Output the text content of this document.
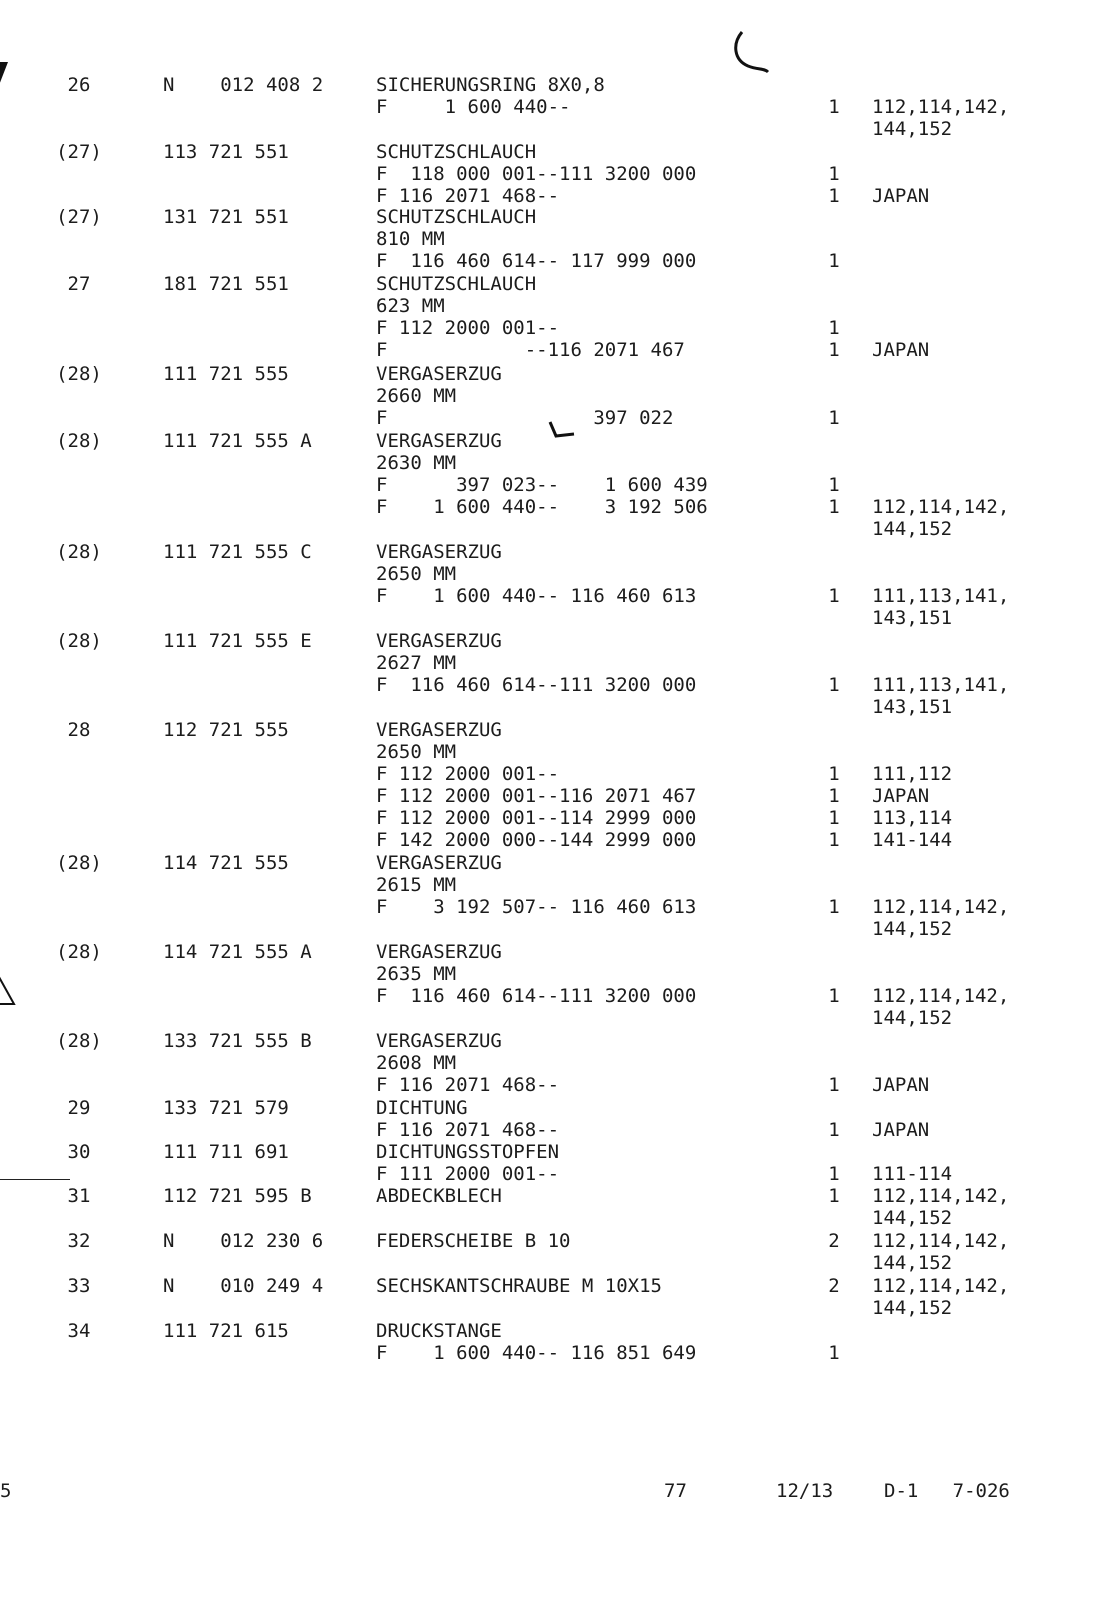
26	N    012 408 2	SICHERUNGSRING 8X0,8
F     1 600 440--	1	112,114,142,
144,152
(27)	113 721 551	SCHUTZSCHLAUCH
F  118 000 001--111 3200 000	1
F 116 2071 468--	1	JAPAN
(27)	131 721 551	SCHUTZSCHLAUCH
810 MM
F  116 460 614-- 117 999 000	1
27	181 721 551	SCHUTZSCHLAUCH
623 MM
F 112 2000 001--	1
F            --116 2071 467	1	JAPAN
(28)	111 721 555	VERGASERZUG
2660 MM
F                  397 022	1
(28)	111 721 555 A	VERGASERZUG
2630 MM
F      397 023--    1 600 439	1
F    1 600 440--    3 192 506	1	112,114,142,
144,152
(28)	111 721 555 C	VERGASERZUG
2650 MM
F    1 600 440-- 116 460 613	1	111,113,141,
143,151
(28)	111 721 555 E	VERGASERZUG
2627 MM
F  116 460 614--111 3200 000	1	111,113,141,
143,151
28	112 721 555	VERGASERZUG
2650 MM
F 112 2000 001--	1	111,112
F 112 2000 001--116 2071 467	1	JAPAN
F 112 2000 001--114 2999 000	1	113,114
F 142 2000 000--144 2999 000	1	141-144
(28)	114 721 555	VERGASERZUG
2615 MM
F    3 192 507-- 116 460 613	1	112,114,142,
144,152
(28)	114 721 555 A	VERGASERZUG
2635 MM
F  116 460 614--111 3200 000	1	112,114,142,
144,152
(28)	133 721 555 B	VERGASERZUG
2608 MM
F 116 2071 468--	1	JAPAN
29	133 721 579	DICHTUNG
F 116 2071 468--	1	JAPAN
30	111 711 691	DICHTUNGSSTOPFEN
F 111 2000 001--	1	111-114
31	112 721 595 B	ABDECKBLECH	1	112,114,142,
144,152
32	N    012 230 6	FEDERSCHEIBE B 10	2	112,114,142,
144,152
33	N    010 249 4	SECHSKANTSCHRAUBE M 10X15	2	112,114,142,
144,152
34	111 721 615	DRUCKSTANGE
F    1 600 440-- 116 851 649	1
5	77	12/13	D-1   7-026
